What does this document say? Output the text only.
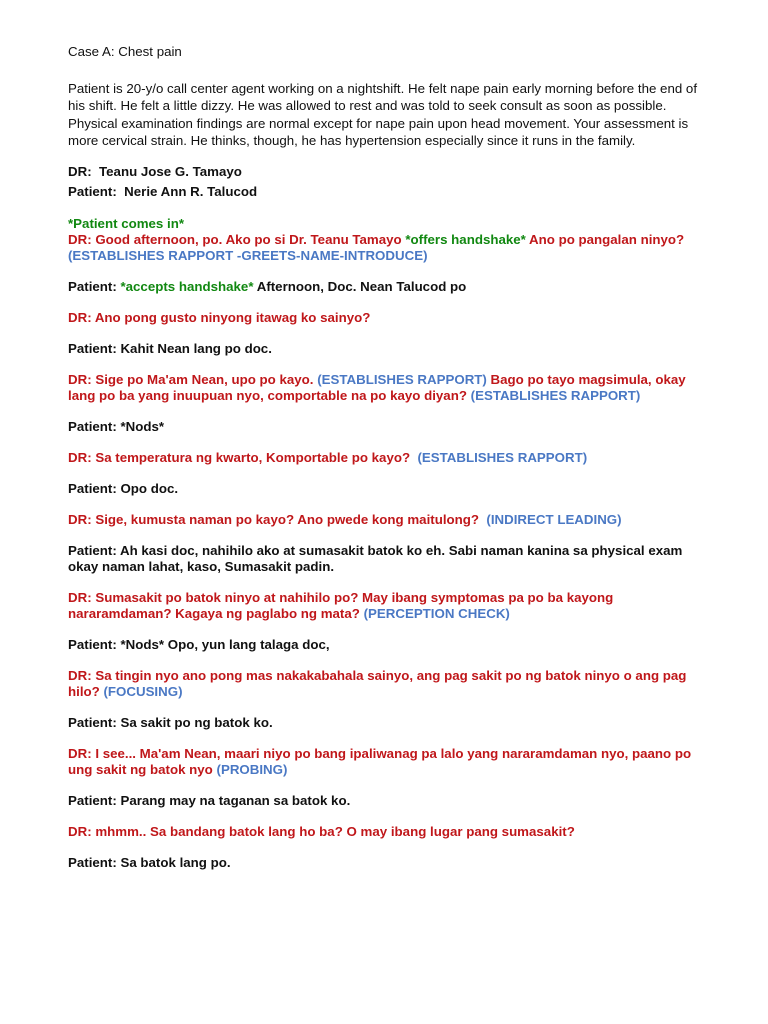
Case A: Chest pain

Patient is 20-y/o call center agent working on a nightshift. He felt nape pain early morning before the end of his shift. He felt a little dizzy. He was allowed to rest and was told to seek consult as soon as possible. Physical examination findings are normal except for nape pain upon head movement. Your assessment is more cervical strain. He thinks, though, he has hypertension especially since it runs in the family.

DR: Teanu Jose G. Tamayo

Patient: Nerie Ann R. Talucod

*Patient comes in*

DR: Good afternoon, po. Ako po si Dr. Teanu Tamayo *offers handshake* Ano po pangalan ninyo?  (ESTABLISHES RAPPORT -GREETS-NAME-INTRODUCE)

Patient: *accepts handshake* Afternoon, Doc. Nean Talucod po

DR: Ano pong gusto ninyong itawag ko sainyo?

Patient: Kahit Nean lang po doc.

DR: Sige po Ma'am Nean, upo po kayo. (ESTABLISHES RAPPORT) Bago po tayo magsimula, okay lang po ba yang inuupuan nyo, comportable na po kayo diyan? (ESTABLISHES RAPPORT)

Patient: *Nods*

DR: Sa temperatura ng kwarto, Komportable po kayo? (ESTABLISHES RAPPORT)

Patient: Opo doc.

DR: Sige, kumusta naman po kayo? Ano pwede kong maitulong? (INDIRECT LEADING)

Patient: Ah kasi doc, nahihilo ako at sumasakit batok ko eh. Sabi naman kanina sa physical exam okay naman lahat, kaso, Sumasakit padin.

DR: Sumasakit po batok ninyo at nahihilo po? May ibang symptomas pa po ba kayong nararamdaman? Kagaya ng paglabo ng mata? (PERCEPTION CHECK)

Patient: *Nods* Opo, yun lang talaga doc,

DR: Sa tingin nyo ano pong mas nakakabahala sainyo, ang pag sakit po ng batok ninyo o ang pag hilo? (FOCUSING)

Patient: Sa sakit po ng batok ko.

DR: I see... Ma'am Nean, maari niyo po bang ipaliwanag pa lalo yang nararamdaman nyo, paano po ung sakit ng batok nyo (PROBING)

Patient: Parang may na taganan sa batok ko.

DR: mhmm.. Sa bandang batok lang ho ba? O may ibang lugar pang sumasakit?

Patient: Sa batok lang po.
